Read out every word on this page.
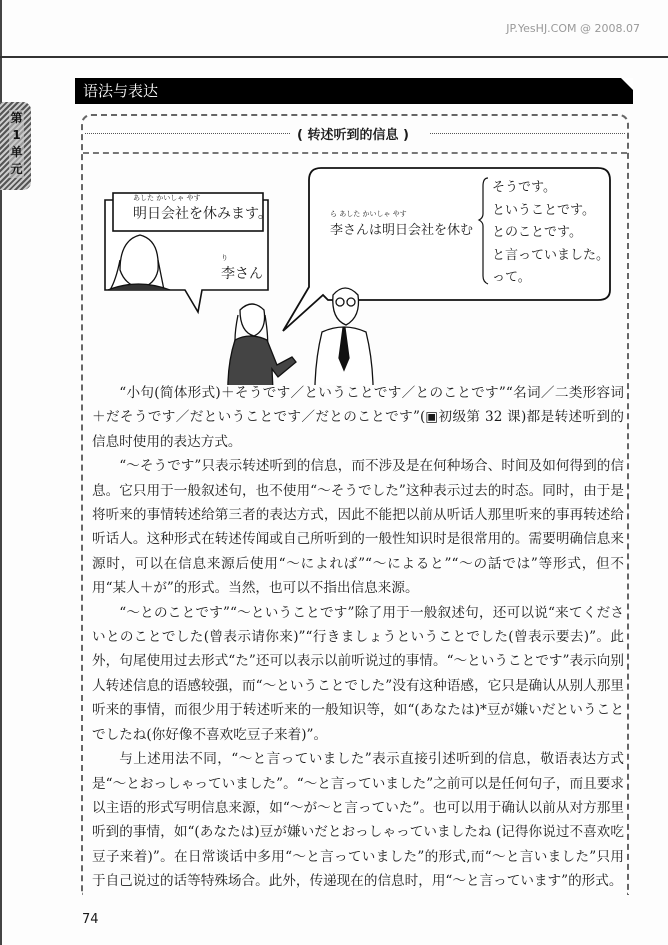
JP.YesHJ.COM @ 2008.07
第1单元
语法与表达
( 转述听到的信息 )
あした かいしゃ やす
明日会社を休みます。
り
李さん
ら あした かいしゃ やす
李さんは明日会社を休む
そうです。
ということです。
とのことです。
と言っていました。
って。

“小句(简体形式)＋そうです／ということです／とのことです”“名词／二类形容词＋だそうです／だということです／だとのことです”(▣初级第 32 课)都是转述听到的信息时使用的表达方式。

“～そうです”只表示转述听到的信息，而不涉及是在何种场合、时间及如何得到的信息。它只用于一般叙述句，也不使用“～そうでした”这种表示过去的时态。同时，由于是将听来的事情转述给第三者的表达方式，因此不能把以前从听话人那里听来的事再转述给听话人。这种形式在转述传闻或自己所听到的一般性知识时是很常用的。需要明确信息来源时，可以在信息来源后使用“～によれば”“～によると”“～の話では”等形式，但不用“某人＋が”的形式。当然，也可以不指出信息来源。

“～とのことです”“～ということです”除了用于一般叙述句，还可以说“来てくださいとのことでした(曾表示请你来)”“行きましょうということでした(曾表示要去)”。此外，句尾使用过去形式“た”还可以表示以前听说过的事情。“～ということです”表示向别人转述信息的语感较强，而“～ということでした”没有这种语感，它只是确认从别人那里听来的事情，而很少用于转述听来的一般知识等，如“(あなたは)*豆が嫌いだということでしたね(你好像不喜欢吃豆子来着)”。

与上述用法不同，“～と言っていました”表示直接引述听到的信息，敬语表达方式是“～とおっしゃっていました”。“～と言っていました”之前可以是任何句子，而且要求以主语的形式写明信息来源，如“～が～と言っていた”。也可以用于确认以前从对方那里听到的事情，如“(あなたは)豆が嫌いだとおっしゃっていましたね (记得你说过不喜欢吃豆子来着)”。在日常谈话中多用“～と言っていました”的形式,而“～と言いました”只用于自己说过的话等特殊场合。此外，传递现在的信息时，用“～と言っています”的形式。

74
